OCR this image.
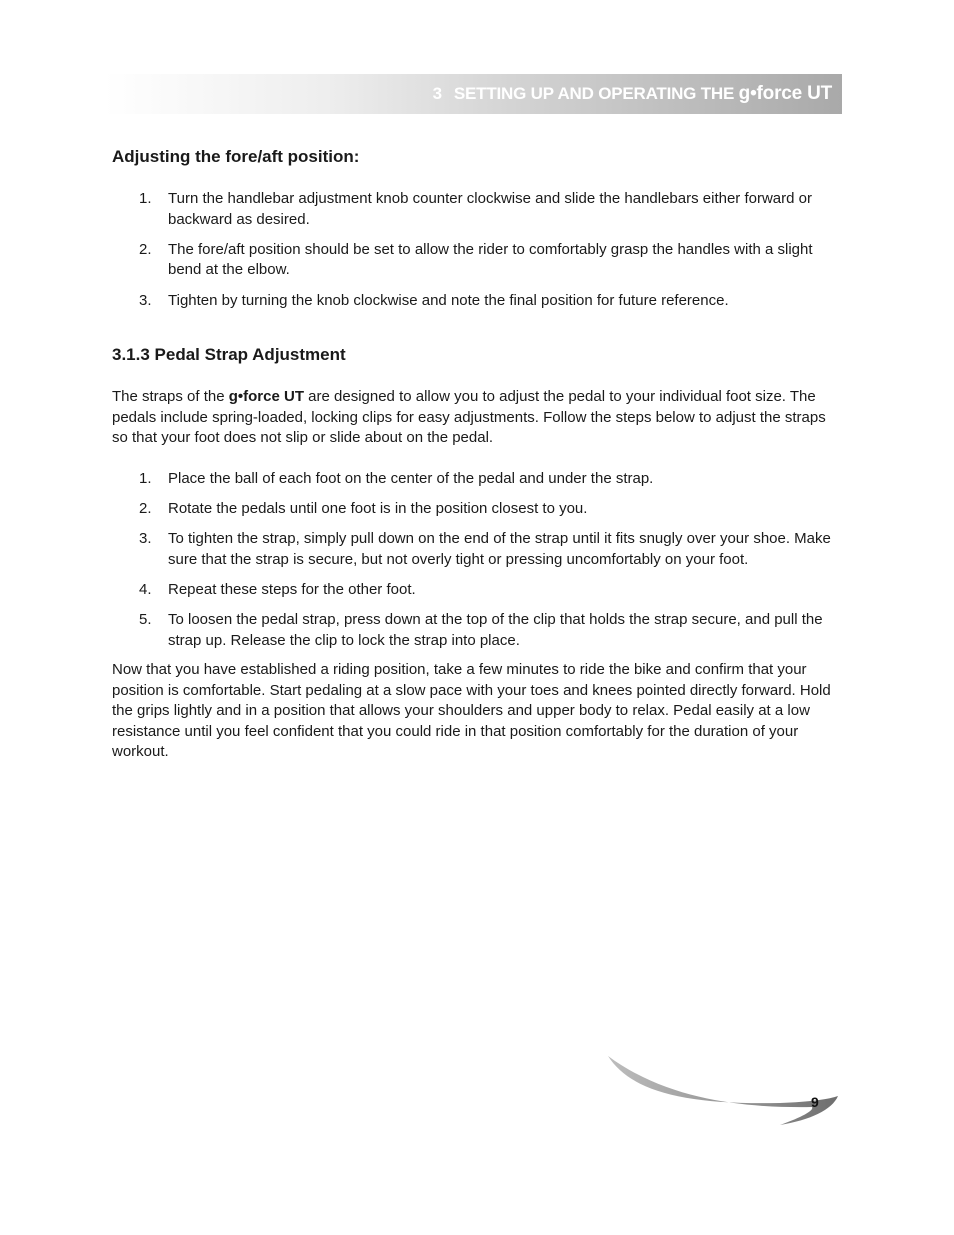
3 SETTING UP AND OPERATING THE g•force UT
Adjusting the fore/aft position:
1. Turn the handlebar adjustment knob counter clockwise and slide the handlebars either forward or backward as desired.
2. The fore/aft position should be set to allow the rider to comfortably grasp the handles with a slight bend at the elbow.
3. Tighten by turning the knob clockwise and note the final position for future reference.
3.1.3 Pedal Strap Adjustment

The straps of the g•force UT are designed to allow you to adjust the pedal to your individual foot size. The pedals include spring-loaded, locking clips for easy adjustments. Follow the steps below to adjust the straps so that your foot does not slip or slide about on the pedal.

1. Place the ball of each foot on the center of the pedal and under the strap.
2. Rotate the pedals until one foot is in the position closest to you.
3. To tighten the strap, simply pull down on the end of the strap until it fits snugly over your shoe. Make sure that the strap is secure, but not overly tight or pressing uncomfortably on your foot.
4. Repeat these steps for the other foot.
5. To loosen the pedal strap, press down at the top of the clip that holds the strap secure, and pull the strap up. Release the clip to lock the strap into place.

Now that you have established a riding position, take a few minutes to ride the bike and confirm that your position is comfortable. Start pedaling at a slow pace with your toes and knees pointed directly forward. Hold the grips lightly and in a position that allows your shoulders and upper body to relax. Pedal easily at a low resistance until you feel confident that you could ride in that position comfortably for the duration of your workout.

9
